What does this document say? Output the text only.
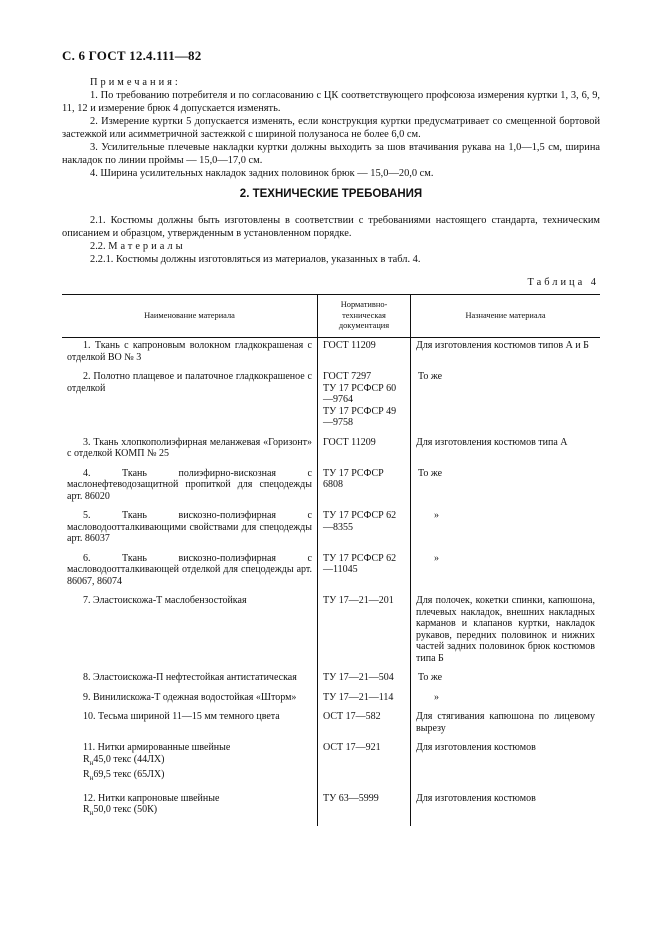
С. 6 ГОСТ 12.4.111—82

Примечания:

1. По требованию потребителя и по согласованию с ЦК соответствующего профсоюза измерения куртки 1, 3, 6, 9, 11, 12 и измерение брюк 4 допускается изменять.

2. Измерение куртки 5 допускается изменять, если конструкция куртки предусматривает со смещенной бортовой застежкой или асимметричной застежкой с шириной полузаноса не более 6,0 см.

3. Усилительные плечевые накладки куртки должны выходить за шов втачивания рукава на 1,0—1,5 см, ширина накладок по линии проймы — 15,0—17,0 см.

4. Ширина усилительных накладок задних половинок брюк — 15,0—20,0 см.

2. ТЕХНИЧЕСКИЕ ТРЕБОВАНИЯ

2.1. Костюмы должны быть изготовлены в соответствии с требованиями настоящего стандарта, техническим описанием и образцом, утвержденным в установленном порядке.

2.2. Материалы

2.2.1. Костюмы должны изготовляться из материалов, указанных в табл. 4.

Таблица 4
Наименование материала	Нормативно-техническая документация	Назначение материала

1. Ткань с капроновым волокном гладкокрашеная с отделкой ВО № 3	ГОСТ 11209	Для изготовления костюмов типов А и Б

2. Полотно плащевое и палаточное гладкокрашеное с отделкой	ГОСТ 7297
ТУ 17 РСФСР 60—9764
ТУ 17 РСФСР 49—9758	То же

3. Ткань хлопкополиэфирная меланжевая «Горизонт» с отделкой КОМП № 25	ГОСТ 11209	Для изготовления костюмов типа А

4. Ткань полиэфирно-вискозная с маслонефтеводозащитной пропиткой для спецодежды арт. 86020	ТУ 17 РСФСР 6808	То же

5. Ткань вискозно-полиэфирная с масловодоотталкивающими свойствами для спецодежды арт. 86037	ТУ 17 РСФСР 62—8355	»

6. Ткань вискозно-полиэфирная с масловодоотталкивающей отделкой для спецодежды арт. 86067, 86074	ТУ 17 РСФСР 62—11045	»

7. Эластоискожа-Т маслобензостойкая	ТУ 17—21—201	Для полочек, кокетки спинки, капюшона, плечевых накладок, внешних накладных карманов и клапанов куртки, накладок рукавов, передних половинок и нижних частей задних половинок брюк костюмов типа Б

8. Эластоискожа-П нефтестойкая антистатическая	ТУ 17—21—504	То же

9. Винилискожа-Т одежная водостойкая «Шторм»	ТУ 17—21—114	»

10. Тесьма шириной 11—15 мм темного цвета	ОСТ 17—582	Для стягивания капюшона по лицевому вырезу

11. Нитки армированные швейные
$R_н45,0$ текс (44ЛХ)
$R_н69,5$ текс (65ЛХ)	ОСТ 17—921	Для изготовления костюмов

12. Нитки капроновые швейные
$R_н50,0$ текс (50К)	ТУ 63—5999	Для изготовления костюмов
